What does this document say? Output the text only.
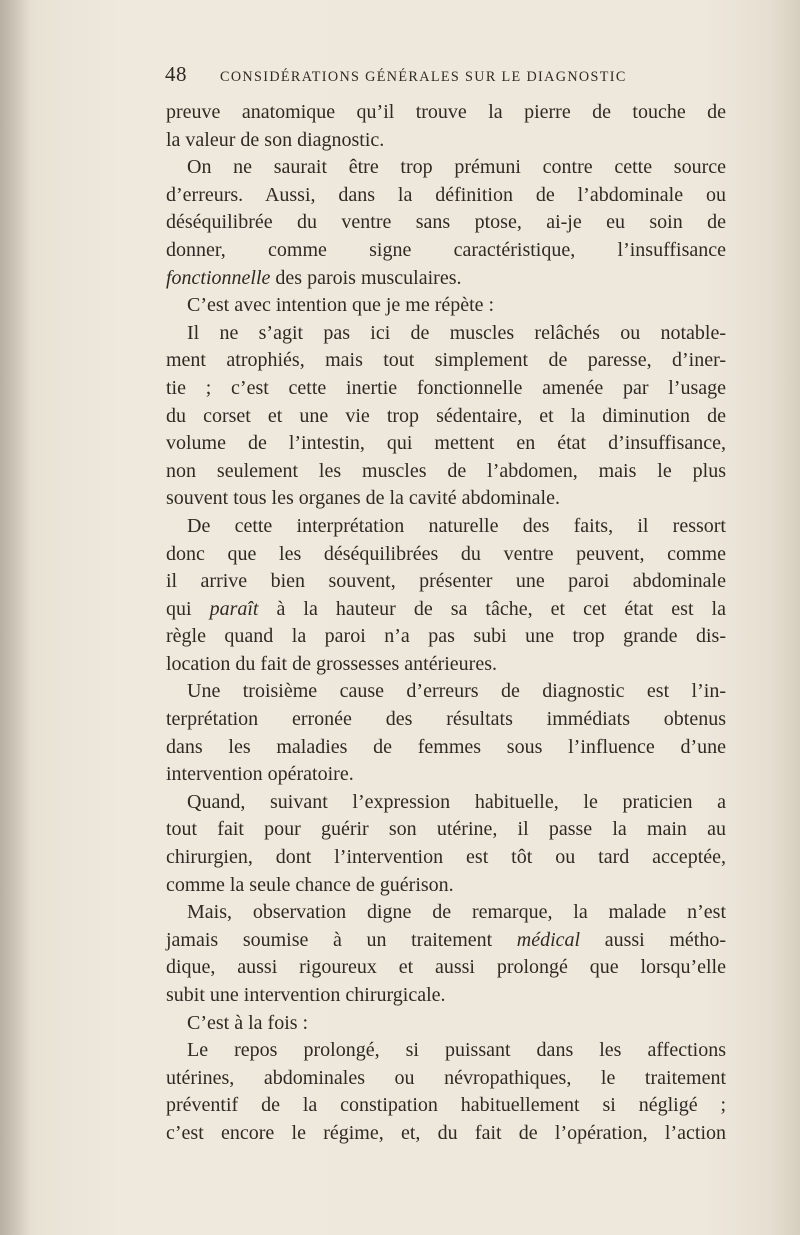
48	CONSIDÉRATIONS GÉNÉRALES SUR LE DIAGNOSTIC
preuve anatomique qu’il trouve la pierre de touche de
la valeur de son diagnostic.
On ne saurait être trop prémuni contre cette source
d’erreurs. Aussi, dans la définition de l’abdominale ou
déséquilibrée du ventre sans ptose, ai-je eu soin de
donner, comme signe caractéristique, l’insuffisance
fonctionnelle des parois musculaires.
C’est avec intention que je me répète :
Il ne s’agit pas ici de muscles relâchés ou notable-
ment atrophiés, mais tout simplement de paresse, d’iner-
tie ; c’est cette inertie fonctionnelle amenée par l’usage
du corset et une vie trop sédentaire, et la diminution de
volume de l’intestin, qui mettent en état d’insuffisance,
non seulement les muscles de l’abdomen, mais le plus
souvent tous les organes de la cavité abdominale.
De cette interprétation naturelle des faits, il ressort
donc que les déséquilibrées du ventre peuvent, comme
il arrive bien souvent, présenter une paroi abdominale
qui paraît à la hauteur de sa tâche, et cet état est la
règle quand la paroi n’a pas subi une trop grande dis-
location du fait de grossesses antérieures.
Une troisième cause d’erreurs de diagnostic est l’in-
terprétation erronée des résultats immédiats obtenus
dans les maladies de femmes sous l’influence d’une
intervention opératoire.
Quand, suivant l’expression habituelle, le praticien a
tout fait pour guérir son utérine, il passe la main au
chirurgien, dont l’intervention est tôt ou tard acceptée,
comme la seule chance de guérison.
Mais, observation digne de remarque, la malade n’est
jamais soumise à un traitement médical aussi métho-
dique, aussi rigoureux et aussi prolongé que lorsqu’elle
subit une intervention chirurgicale.
C’est à la fois :
Le repos prolongé, si puissant dans les affections
utérines, abdominales ou névropathiques, le traitement
préventif de la constipation habituellement si négligé ;
c’est encore le régime, et, du fait de l’opération, l’action
